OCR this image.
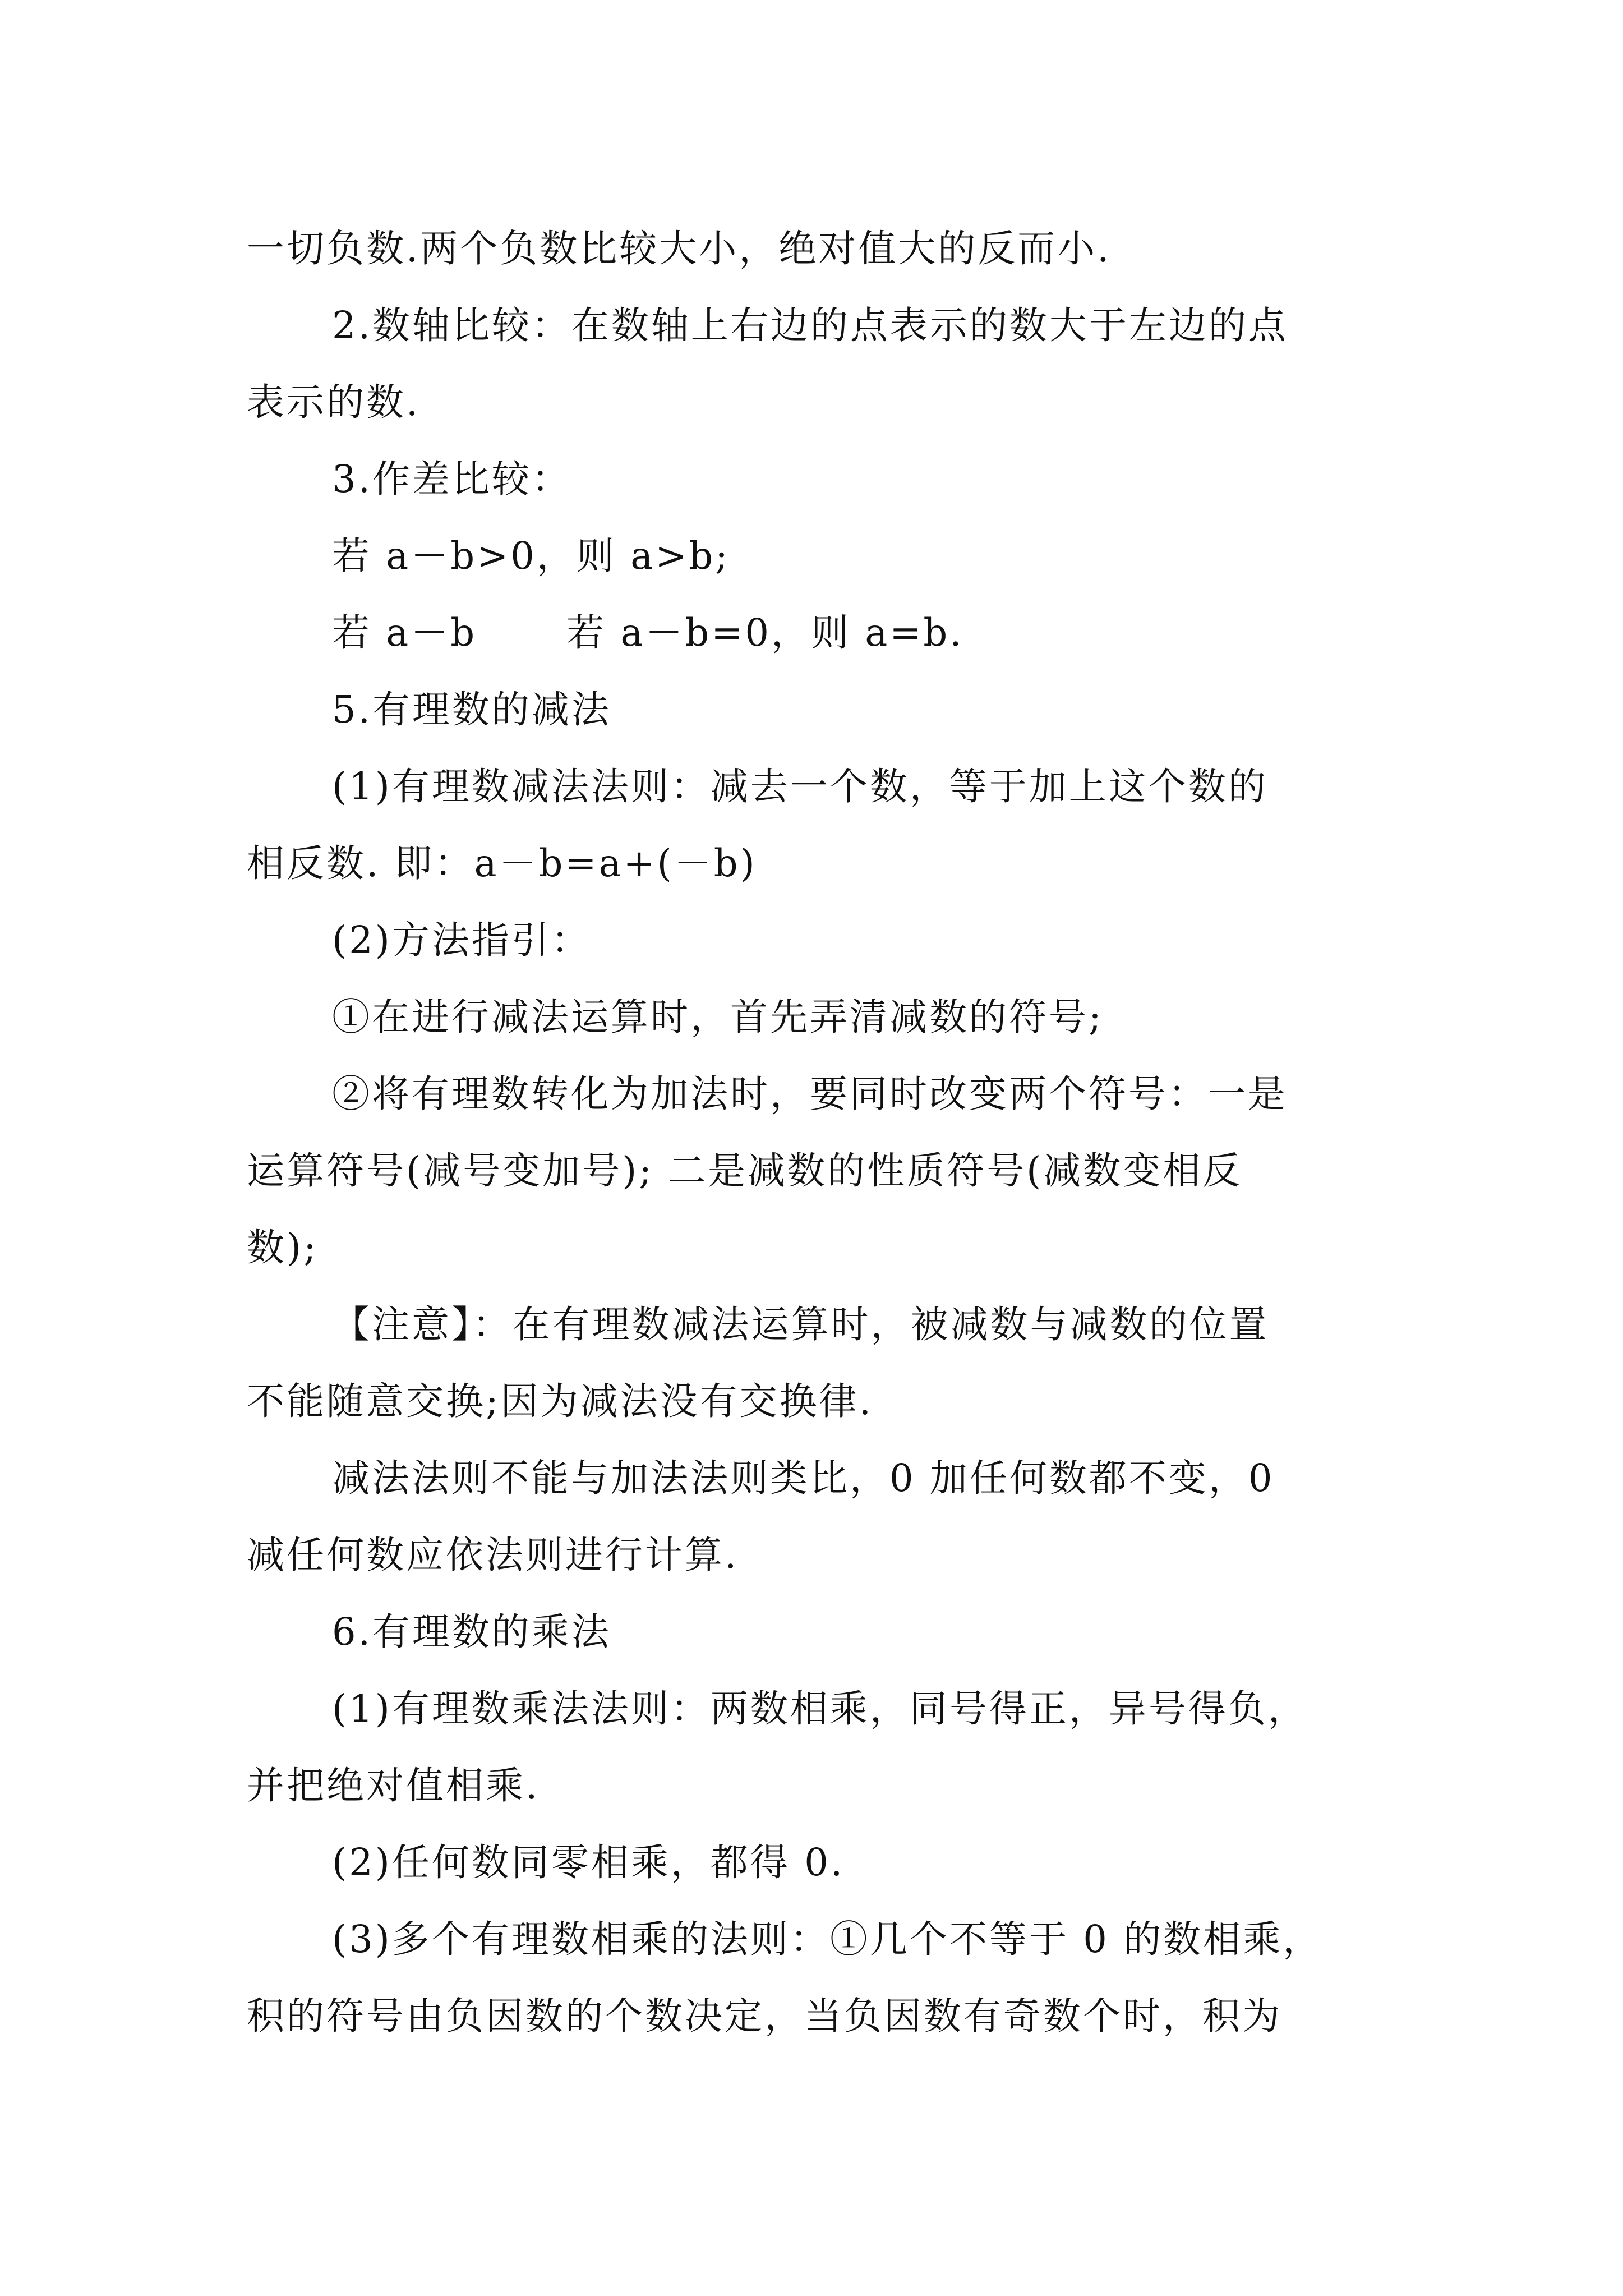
一切负数.两个负数比较大小，绝对值大的反而小.
2.数轴比较：在数轴上右边的点表示的数大于左边的点
表示的数.
3.作差比较：
若 a－b>0，则 a>b;
若 a－b 若 a－b=0，则 a=b.
5.有理数的减法
(1)有理数减法法则：减去一个数，等于加上这个数的
相反数. 即：a－b=a+(－b)
(2)方法指引：
①在进行减法运算时，首先弄清减数的符号;
②将有理数转化为加法时，要同时改变两个符号：一是
运算符号(减号变加号); 二是减数的性质符号(减数变相反
数);
【注意】：在有理数减法运算时，被减数与减数的位置
不能随意交换;因为减法没有交换律.
减法法则不能与加法法则类比，0 加任何数都不变，0
减任何数应依法则进行计算.
6.有理数的乘法
(1)有理数乘法法则：两数相乘，同号得正，异号得负，
并把绝对值相乘.
(2)任何数同零相乘，都得 0.
(3)多个有理数相乘的法则：①几个不等于 0 的数相乘，
积的符号由负因数的个数决定，当负因数有奇数个时，积为
